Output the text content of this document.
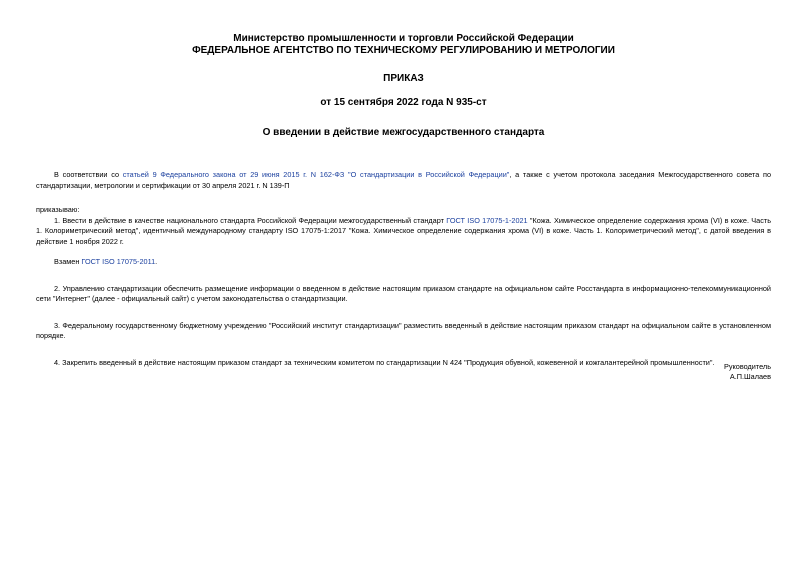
Министерство промышленности и торговли Российской Федерации
ФЕДЕРАЛЬНОЕ АГЕНТСТВО ПО ТЕХНИЧЕСКОМУ РЕГУЛИРОВАНИЮ И МЕТРОЛОГИИ
ПРИКАЗ
от 15 сентября 2022 года N 935-ст
О введении в действие межгосударственного стандарта
В соответствии со статьей 9 Федерального закона от 29 июня 2015 г. N 162-ФЗ "О стандартизации в Российской Федерации", а также с учетом протокола заседания Межгосударственного совета по стандартизации, метрологии и сертификации от 30 апреля 2021 г. N 139-П
приказываю:
1. Ввести в действие в качестве национального стандарта Российской Федерации межгосударственный стандарт ГОСТ ISO 17075-1-2021 "Кожа. Химическое определение содержания хрома (VI) в коже. Часть 1. Колориметрический метод", идентичный международному стандарту ISO 17075-1:2017 "Кожа. Химическое определение содержания хрома (VI) в коже. Часть 1. Колориметрический метод", с датой введения в действие 1 ноября 2022 г.
Взамен ГОСТ ISO 17075-2011.
2. Управлению стандартизации обеспечить размещение информации о введенном в действие настоящим приказом стандарте на официальном сайте Росстандарта в информационно-телекоммуникационной сети "Интернет" (далее - официальный сайт) с учетом законодательства о стандартизации.
3. Федеральному государственному бюджетному учреждению "Российский институт стандартизации" разместить введенный в действие настоящим приказом стандарт на официальном сайте в установленном порядке.
4. Закрепить введенный в действие настоящим приказом стандарт за техническим комитетом по стандартизации N 424 "Продукция обувной, кожевенной и кожгалантерейной промышленности".	Руководитель
А.П.Шалаев
